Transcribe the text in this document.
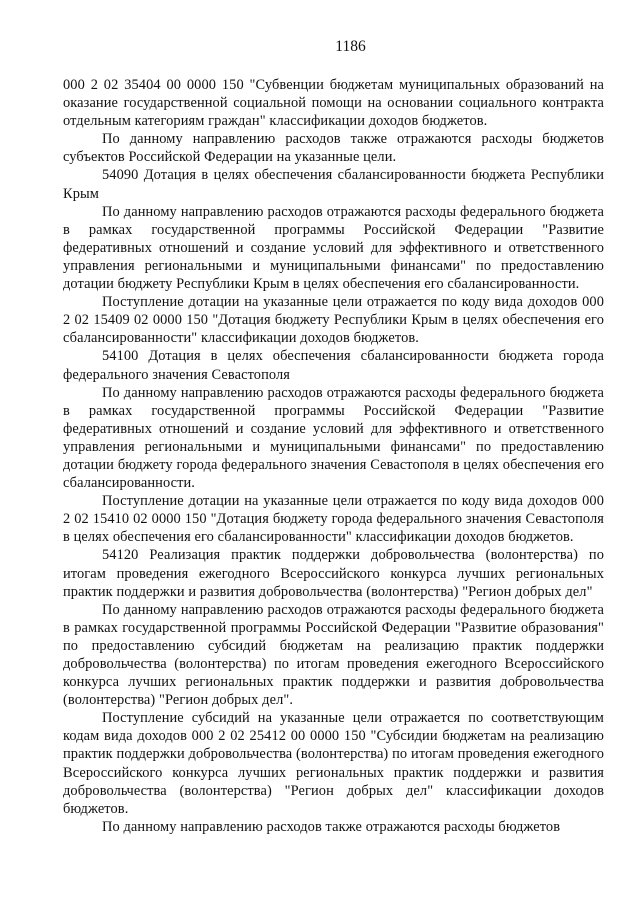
1186

000 2 02 35404 00 0000 150 "Субвенции бюджетам муниципальных образований на оказание государственной социальной помощи на основании социального контракта отдельным категориям граждан" классификации доходов бюджетов.

По данному направлению расходов также отражаются расходы бюджетов субъектов Российской Федерации на указанные цели.

54090 Дотация в целях обеспечения сбалансированности бюджета Республики Крым

По данному направлению расходов отражаются расходы федерального бюджета в рамках государственной программы Российской Федерации "Развитие федеративных отношений и создание условий для эффективного и ответственного управления региональными и муниципальными финансами" по предоставлению дотации бюджету Республики Крым в целях обеспечения его сбалансированности.

Поступление дотации на указанные цели отражается по коду вида доходов 000 2 02 15409 02 0000 150 "Дотация бюджету Республики Крым в целях обеспечения его сбалансированности" классификации доходов бюджетов.

54100 Дотация в целях обеспечения сбалансированности бюджета города федерального значения Севастополя

По данному направлению расходов отражаются расходы федерального бюджета в рамках государственной программы Российской Федерации "Развитие федеративных отношений и создание условий для эффективного и ответственного управления региональными и муниципальными финансами" по предоставлению дотации бюджету города федерального значения Севастополя в целях обеспечения его сбалансированности.

Поступление дотации на указанные цели отражается по коду вида доходов 000 2 02 15410 02 0000 150 "Дотация бюджету города федерального значения Севастополя в целях обеспечения его сбалансированности" классификации доходов бюджетов.

54120 Реализация практик поддержки добровольчества (волонтерства) по итогам проведения ежегодного Всероссийского конкурса лучших региональных практик поддержки и развития добровольчества (волонтерства) "Регион добрых дел"

По данному направлению расходов отражаются расходы федерального бюджета в рамках государственной программы Российской Федерации "Развитие образования" по предоставлению субсидий бюджетам на реализацию практик поддержки добровольчества (волонтерства) по итогам проведения ежегодного Всероссийского конкурса лучших региональных практик поддержки и развития добровольчества (волонтерства) "Регион добрых дел".

Поступление субсидий на указанные цели отражается по соответствующим кодам вида доходов 000 2 02 25412 00 0000 150 "Субсидии бюджетам на реализацию практик поддержки добровольчества (волонтерства) по итогам проведения ежегодного Всероссийского конкурса лучших региональных практик поддержки и развития добровольчества (волонтерства) "Регион добрых дел" классификации доходов бюджетов.

По данному направлению расходов также отражаются расходы бюджетов
